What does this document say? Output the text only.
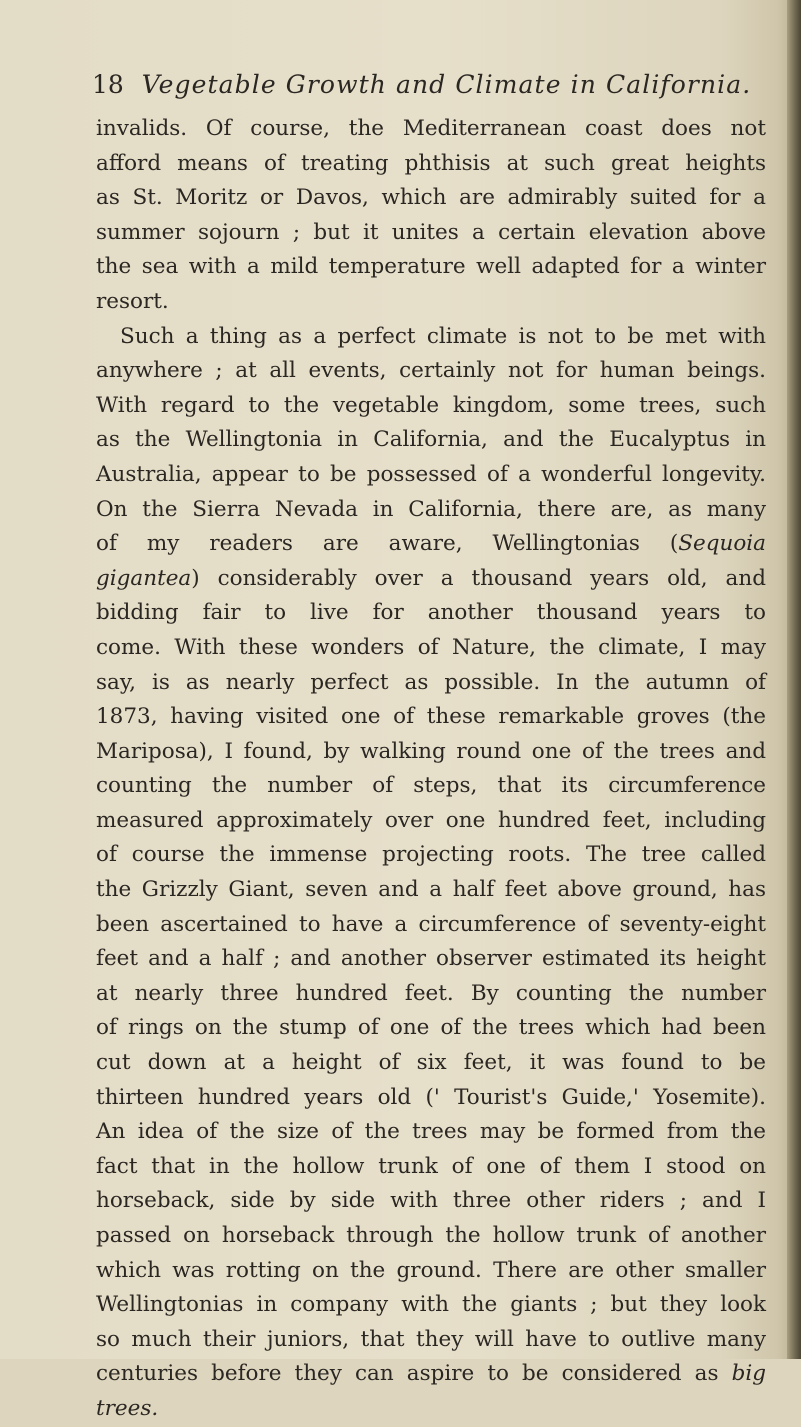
18 Vegetable Growth and Climate in California.
invalids. Of course, the Mediterranean coast does not
afford means of treating phthisis at such great heights
as St. Moritz or Davos, which are admirably suited for a
summer sojourn ; but it unites a certain elevation above
the sea with a mild temperature well adapted for a winter
resort.
Such a thing as a perfect climate is not to be met with
anywhere ; at all events, certainly not for human beings.
With regard to the vegetable kingdom, some trees, such
as the Wellingtonia in California, and the Eucalyptus in
Australia, appear to be possessed of a wonderful longevity.
On the Sierra Nevada in California, there are, as many
of my readers are aware, Wellingtonias (Sequoia
gigantea) considerably over a thousand years old, and
bidding fair to live for another thousand years to
come. With these wonders of Nature, the climate, I may
say, is as nearly perfect as possible. In the autumn of
1873, having visited one of these remarkable groves (the
Mariposa), I found, by walking round one of the trees and
counting the number of steps, that its circumference
measured approximately over one hundred feet, including
of course the immense projecting roots. The tree called
the Grizzly Giant, seven and a half feet above ground, has
been ascertained to have a circumference of seventy-eight
feet and a half ; and another observer estimated its height
at nearly three hundred feet. By counting the number
of rings on the stump of one of the trees which had been
cut down at a height of six feet, it was found to be
thirteen hundred years old (' Tourist's Guide,' Yosemite).
An idea of the size of the trees may be formed from the
fact that in the hollow trunk of one of them I stood on
horseback, side by side with three other riders ; and I
passed on horseback through the hollow trunk of another
which was rotting on the ground. There are other smaller
Wellingtonias in company with the giants ; but they look
so much their juniors, that they will have to outlive many
centuries before they can aspire to be considered as big
trees.
